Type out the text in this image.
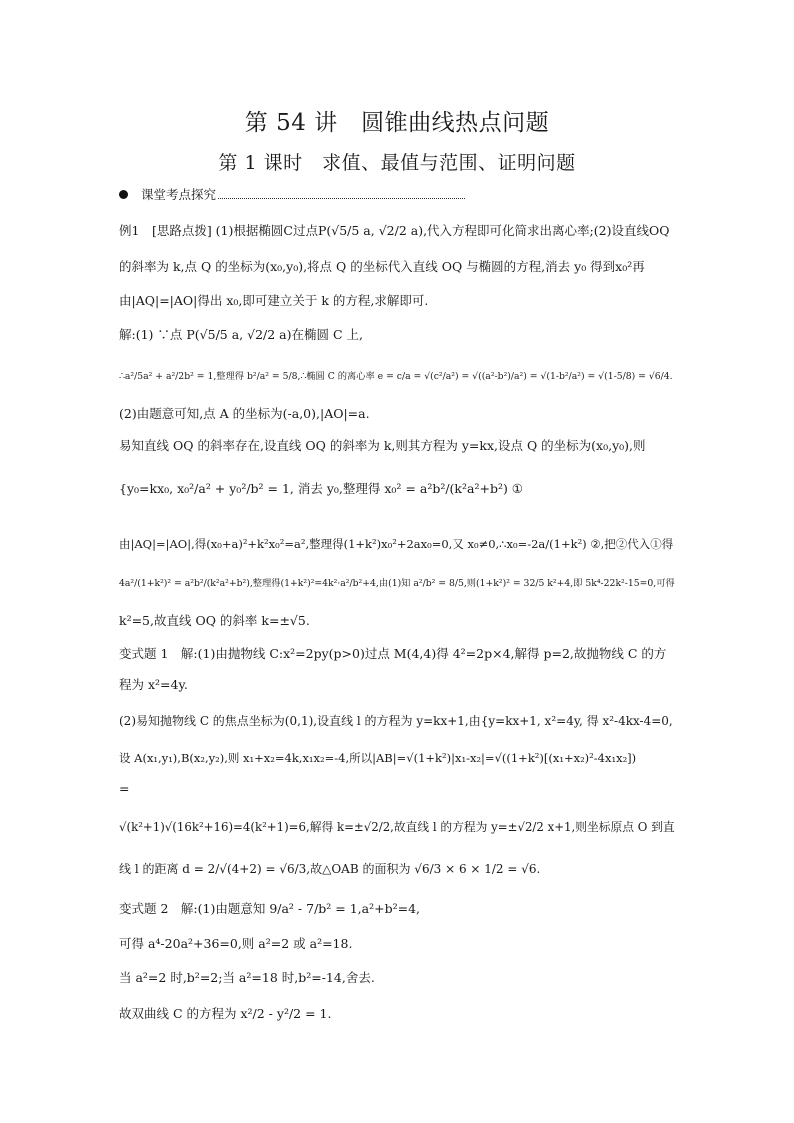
第 54 讲　圆锥曲线热点问题
第 1 课时　求值、最值与范围、证明问题
课堂考点探究
例1　[思路点拨] (1)根据椭圆C过点P(√5/5 a, √2/2 a),代入方程即可化简求出离心率;(2)设直线OQ
的斜率为 k,点 Q 的坐标为(x₀,y₀),将点 Q 的坐标代入直线 OQ 与椭圆的方程,消去 y₀ 得到x₀²再
由|AQ|=|AO|得出 x₀,即可建立关于 k 的方程,求解即可.
解:(1) ∵点 P(√5/5 a, √2/2 a)在椭圆 C 上,
∴a²/5a² + a²/2b² = 1,整理得 b²/a² = 5/8,∴椭圆 C 的离心率 e = c/a = √(c²/a²) = √((a²-b²)/a²) = √(1-b²/a²) = √(1-5/8) = √6/4.
(2)由题意可知,点 A 的坐标为(-a,0),|AO|=a.
易知直线 OQ 的斜率存在,设直线 OQ 的斜率为 k,则其方程为 y=kx,设点 Q 的坐标为(x₀,y₀),则
{y₀=kx₀, x₀²/a² + y₀²/b² = 1, 消去 y₀,整理得 x₀² = a²b²/(k²a²+b²) ①
由|AQ|=|AO|,得(x₀+a)²+k²x₀²=a²,整理得(1+k²)x₀²+2ax₀=0,又 x₀≠0,∴x₀=-2a/(1+k²) ②,把②代入①得
4a²/(1+k²)² = a²b²/(k²a²+b²),整理得(1+k²)²=4k²·a²/b²+4,由(1)知 a²/b² = 8/5,则(1+k²)² = 32/5 k²+4,即 5k⁴-22k²-15=0,可得
k²=5,故直线 OQ 的斜率 k=±√5.
变式题 1　解:(1)由抛物线 C:x²=2py(p>0)过点 M(4,4)得 4²=2p×4,解得 p=2,故抛物线 C 的方
程为 x²=4y.
(2)易知抛物线 C 的焦点坐标为(0,1),设直线 l 的方程为 y=kx+1,由{y=kx+1, x²=4y, 得 x²-4kx-4=0,
设 A(x₁,y₁),B(x₂,y₂),则 x₁+x₂=4k,x₁x₂=-4,所以|AB|=√(1+k²)|x₁-x₂|=√((1+k²)[(x₁+x₂)²-4x₁x₂])
=
√(k²+1)√(16k²+16)=4(k²+1)=6,解得 k=±√2/2,故直线 l 的方程为 y=±√2/2 x+1,则坐标原点 O 到直
线 l 的距离 d = 2/√(4+2) = √6/3,故△OAB 的面积为 √6/3 × 6 × 1/2 = √6.
变式题 2　解:(1)由题意知 9/a² - 7/b² = 1,a²+b²=4,
可得 a⁴-20a²+36=0,则 a²=2 或 a²=18.
当 a²=2 时,b²=2;当 a²=18 时,b²=-14,舍去.
故双曲线 C 的方程为 x²/2 - y²/2 = 1.
